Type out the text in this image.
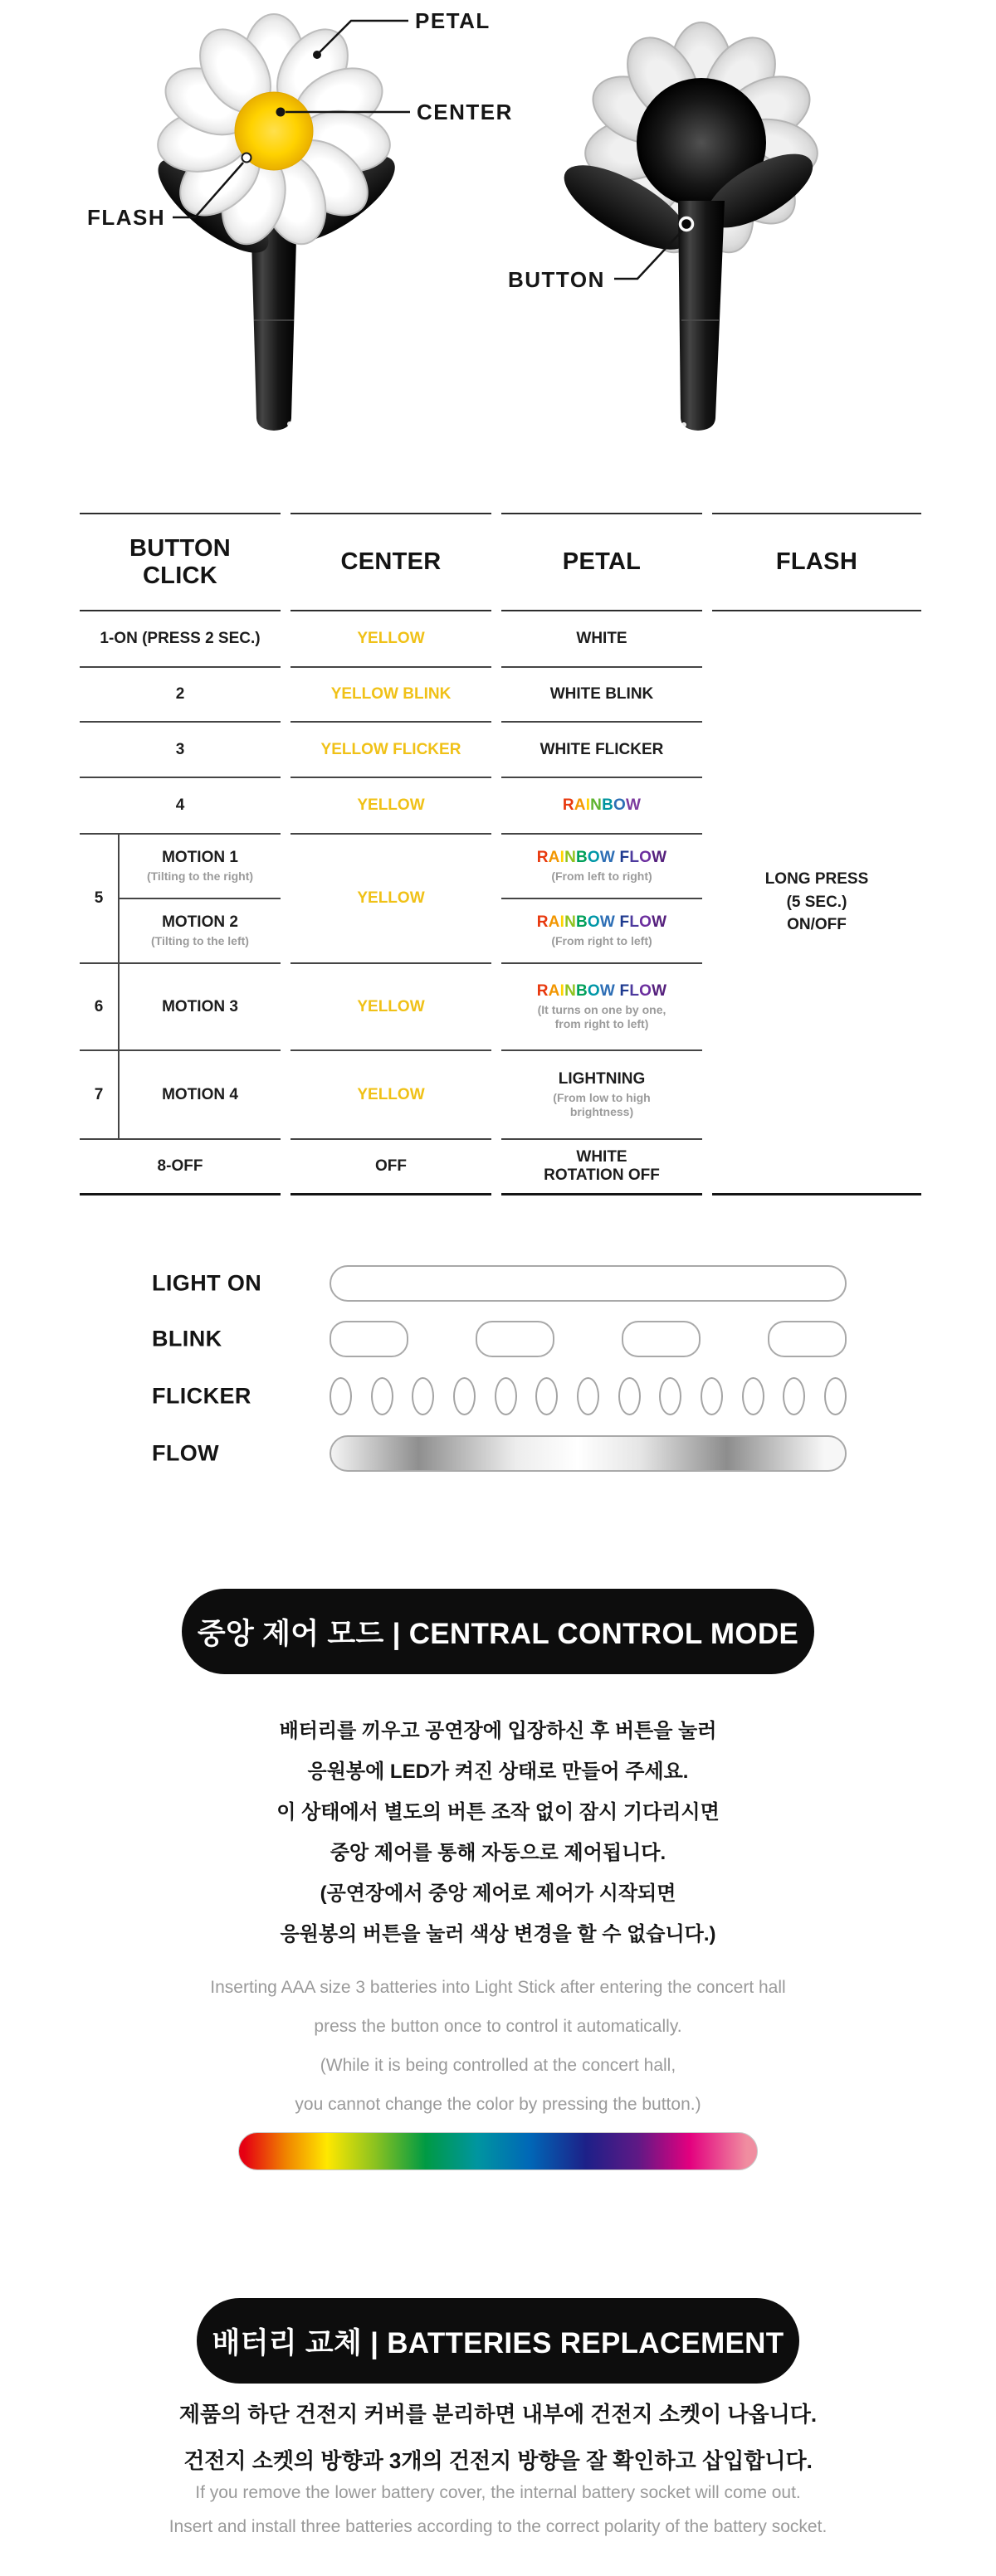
PETAL
CENTER
FLASH
BUTTON
BUTTON
CLICK
1-ON (PRESS 2 SEC.)
2
3
4
5
MOTION 1
(Tilting to the right)
MOTION 2
(Tilting to the left)
6	MOTION 3
7	MOTION 4
8-OFF
CENTER
YELLOW
YELLOW BLINK
YELLOW FLICKER
YELLOW
YELLOW
YELLOW
YELLOW
OFF
PETAL
WHITE
WHITE BLINK
WHITE FLICKER
RAINBOW
RAINBOW FLOW
(From left to right)
RAINBOW FLOW
(From right to left)
RAINBOW FLOW
(It turns on one by one,
from right to left)
LIGHTNING
(From low to high
brightness)
WHITE
ROTATION OFF
FLASH
LONG PRESS
(5 SEC.)
ON/OFF
LIGHT ON
BLINK
FLICKER
FLOW
중앙 제어 모드 | CENTRAL CONTROL MODE
배터리를 끼우고 공연장에 입장하신 후 버튼을 눌러
응원봉에 LED가 켜진 상태로 만들어 주세요.
이 상태에서 별도의 버튼 조작 없이 잠시 기다리시면
중앙 제어를 통해 자동으로 제어됩니다.
(공연장에서 중앙 제어로 제어가 시작되면
응원봉의 버튼을 눌러 색상 변경을 할 수 없습니다.)
Inserting AAA size 3 batteries into Light Stick after entering the concert hall
press the button once to control it automatically.
(While it is being controlled at the concert hall,
you cannot change the color by pressing the button.)
배터리 교체 | BATTERIES REPLACEMENT
제품의 하단 건전지 커버를 분리하면 내부에 건전지 소켓이 나옵니다.
건전지 소켓의 방향과 3개의 건전지 방향을 잘 확인하고 삽입합니다.
If you remove the lower battery cover, the internal battery socket will come out.
Insert and install three batteries according to the correct polarity of the battery socket.
